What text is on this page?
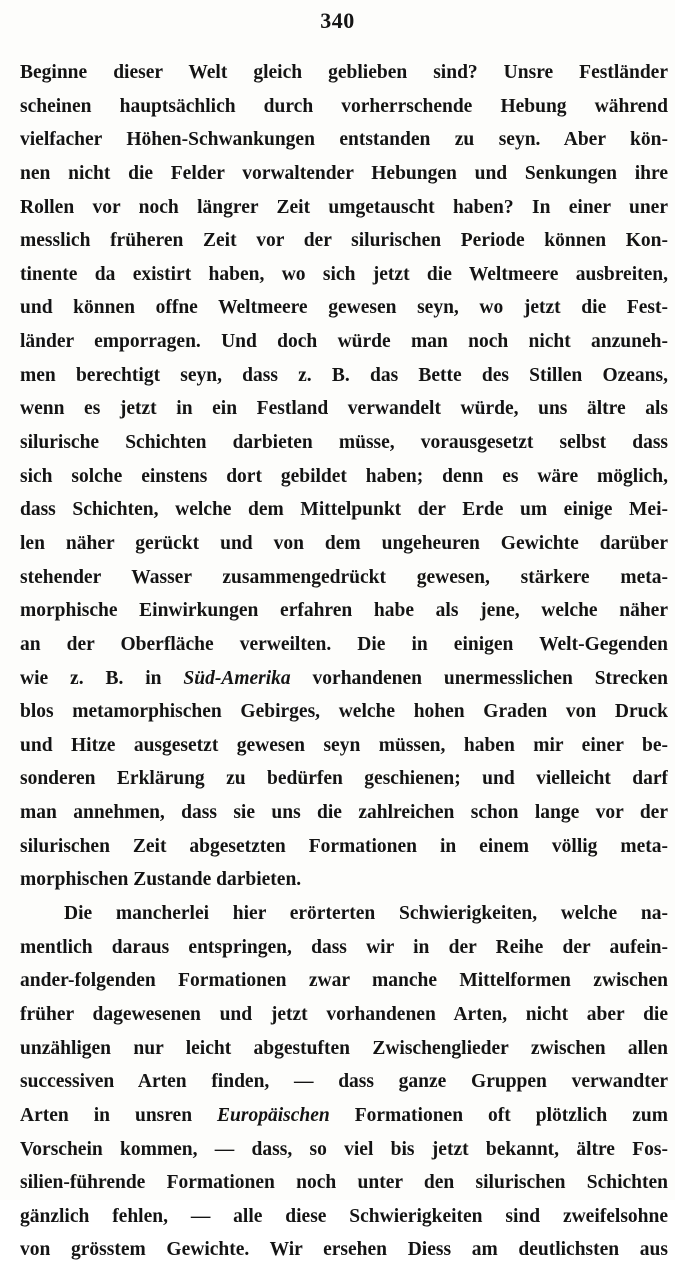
340
Beginne dieser Welt gleich geblieben sind? Unsre Festländer
scheinen hauptsächlich durch vorherrschende Hebung während
vielfacher Höhen-Schwankungen entstanden zu seyn. Aber kön-
nen nicht die Felder vorwaltender Hebungen und Senkungen ihre
Rollen vor noch längrer Zeit umgetauscht haben? In einer uner
messlich früheren Zeit vor der silurischen Periode können Kon-
tinente da existirt haben, wo sich jetzt die Weltmeere ausbreiten,
und können offne Weltmeere gewesen seyn, wo jetzt die Fest-
länder emporragen. Und doch würde man noch nicht anzuneh-
men berechtigt seyn, dass z. B. das Bette des Stillen Ozeans,
wenn es jetzt in ein Festland verwandelt würde, uns ältre als
silurische Schichten darbieten müsse, vorausgesetzt selbst dass
sich solche einstens dort gebildet haben; denn es wäre möglich,
dass Schichten, welche dem Mittelpunkt der Erde um einige Mei-
len näher gerückt und von dem ungeheuren Gewichte darüber
stehender Wasser zusammengedrückt gewesen, stärkere meta-
morphische Einwirkungen erfahren habe als jene, welche näher
an der Oberfläche verweilten. Die in einigen Welt-Gegenden
wie z. B. in Süd-Amerika vorhandenen unermesslichen Strecken
blos metamorphischen Gebirges, welche hohen Graden von Druck
und Hitze ausgesetzt gewesen seyn müssen, haben mir einer be-
sonderen Erklärung zu bedürfen geschienen; und vielleicht darf
man annehmen, dass sie uns die zahlreichen schon lange vor der
silurischen Zeit abgesetzten Formationen in einem völlig meta-
morphischen Zustande darbieten.
Die mancherlei hier erörterten Schwierigkeiten, welche na-
mentlich daraus entspringen, dass wir in der Reihe der aufein-
ander-folgenden Formationen zwar manche Mittelformen zwischen
früher dagewesenen und jetzt vorhandenen Arten, nicht aber die
unzähligen nur leicht abgestuften Zwischenglieder zwischen allen
successiven Arten finden, — dass ganze Gruppen verwandter
Arten in unsren Europäischen Formationen oft plötzlich zum
Vorschein kommen, — dass, so viel bis jetzt bekannt, ältre Fos-
silien-führende Formationen noch unter den silurischen Schichten
gänzlich fehlen, — alle diese Schwierigkeiten sind zweifelsohne
von grösstem Gewichte. Wir ersehen Diess am deutlichsten aus
